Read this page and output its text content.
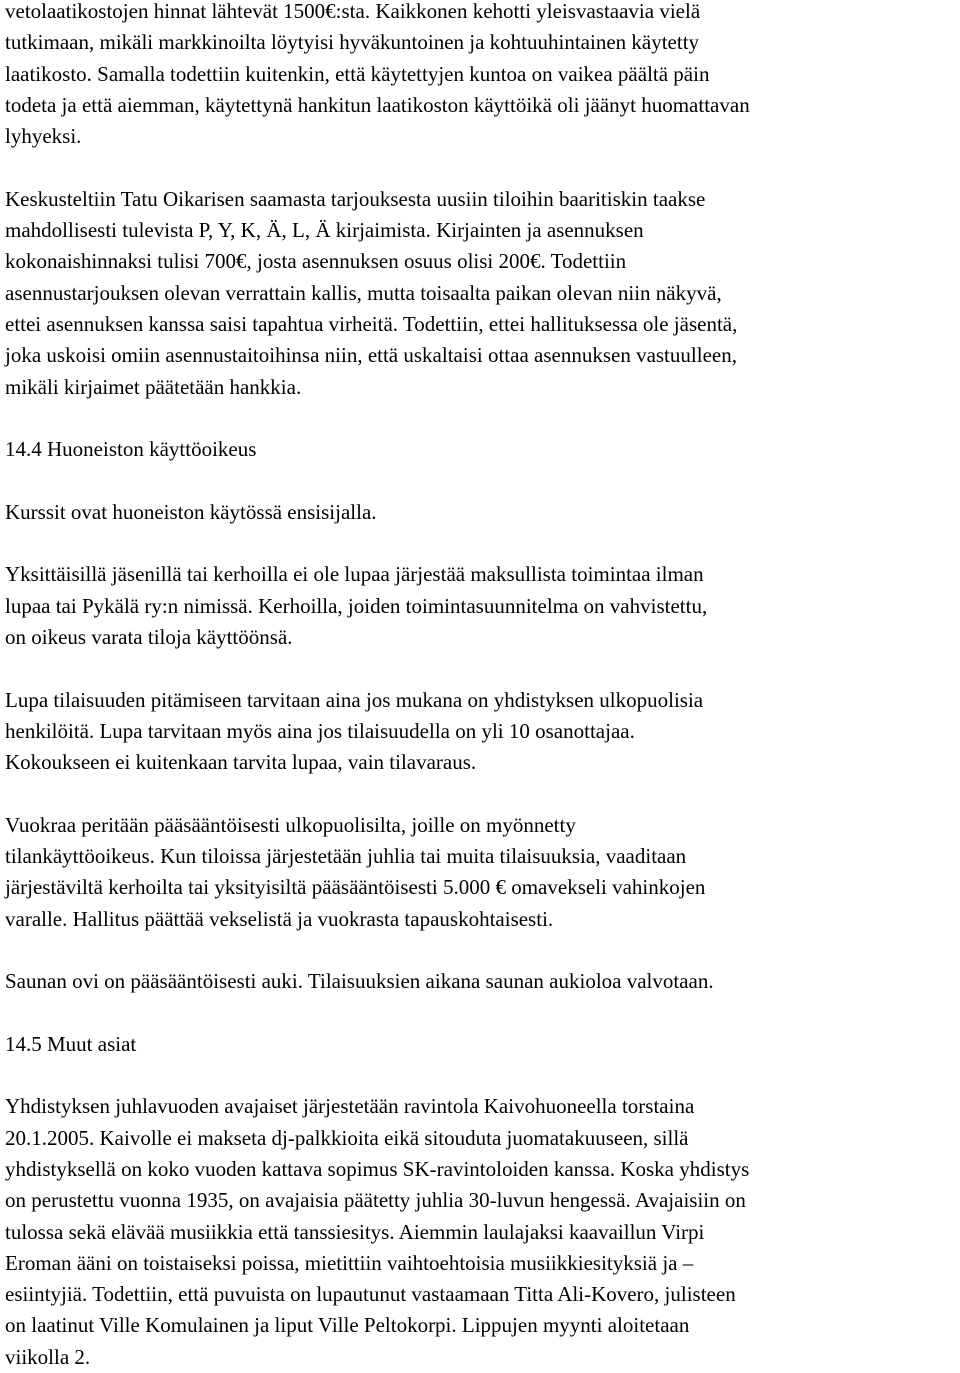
vetolaatikostojen hinnat lähtevät 1500€:sta. Kaikkonen kehotti yleisvastaavia vielä
tutkimaan, mikäli markkinoilta löytyisi hyväkuntoinen ja kohtuuhintainen käytetty
laatikosto. Samalla todettiin kuitenkin, että käytettyjen kuntoa on vaikea päältä päin
todeta ja että aiemman, käytettynä hankitun laatikoston käyttöikä oli jäänyt huomattavan
lyhyeksi.

Keskusteltiin Tatu Oikarisen saamasta tarjouksesta uusiin tiloihin baaritiskin taakse
mahdollisesti tulevista P, Y, K, Ä, L, Ä kirjaimista. Kirjainten ja asennuksen
kokonaishinnaksi tulisi 700€, josta asennuksen osuus olisi 200€. Todettiin
asennustarjouksen olevan verrattain kallis, mutta toisaalta paikan olevan niin näkyvä,
ettei asennuksen kanssa saisi tapahtua virheitä. Todettiin, ettei hallituksessa ole jäsentä,
joka uskoisi omiin asennustaitoihinsa niin, että uskaltaisi ottaa asennuksen vastuulleen,
mikäli kirjaimet päätetään hankkia.

14.4 Huoneiston käyttöoikeus

Kurssit ovat huoneiston käytössä ensisijalla.

Yksittäisillä jäsenillä tai kerhoilla ei ole lupaa järjestää maksullista toimintaa ilman
lupaa tai Pykälä ry:n nimissä. Kerhoilla, joiden toimintasuunnitelma on vahvistettu,
on oikeus varata tiloja käyttöönsä.

Lupa tilaisuuden pitämiseen tarvitaan aina jos mukana on yhdistyksen ulkopuolisia
henkilöitä. Lupa tarvitaan myös aina jos tilaisuudella on yli 10 osanottajaa.
Kokoukseen ei kuitenkaan tarvita lupaa, vain tilavaraus.

Vuokraa peritään pääsääntöisesti ulkopuolisilta, joille on myönnetty
tilankäyttöoikeus. Kun tiloissa järjestetään juhlia tai muita tilaisuuksia, vaaditaan
järjestäviltä kerhoilta tai yksityisiltä pääsääntöisesti 5.000 € omavekseli vahinkojen
varalle. Hallitus päättää vekselistä ja vuokrasta tapauskohtaisesti.

Saunan ovi on pääsääntöisesti auki. Tilaisuuksien aikana saunan aukioloa valvotaan.

14.5 Muut asiat

Yhdistyksen juhlavuoden avajaiset järjestetään ravintola Kaivohuoneella torstaina
20.1.2005. Kaivolle ei makseta dj-palkkioita eikä sitouduta juomatakuuseen, sillä
yhdistyksellä on koko vuoden kattava sopimus SK-ravintoloiden kanssa. Koska yhdistys
on perustettu vuonna 1935, on avajaisia päätetty juhlia 30-luvun hengessä. Avajaisiin on
tulossa sekä elävää musiikkia että tanssiesitys. Aiemmin laulajaksi kaavaillun Virpi
Eroman ääni on toistaiseksi poissa, mietittiin vaihtoehtoisia musiikkiesityksiä ja –
esiintyjiä. Todettiin, että puvuista on lupautunut vastaamaan Titta Ali-Kovero, julisteen
on laatinut Ville Komulainen ja liput Ville Peltokorpi. Lippujen myynti aloitetaan
viikolla 2.
